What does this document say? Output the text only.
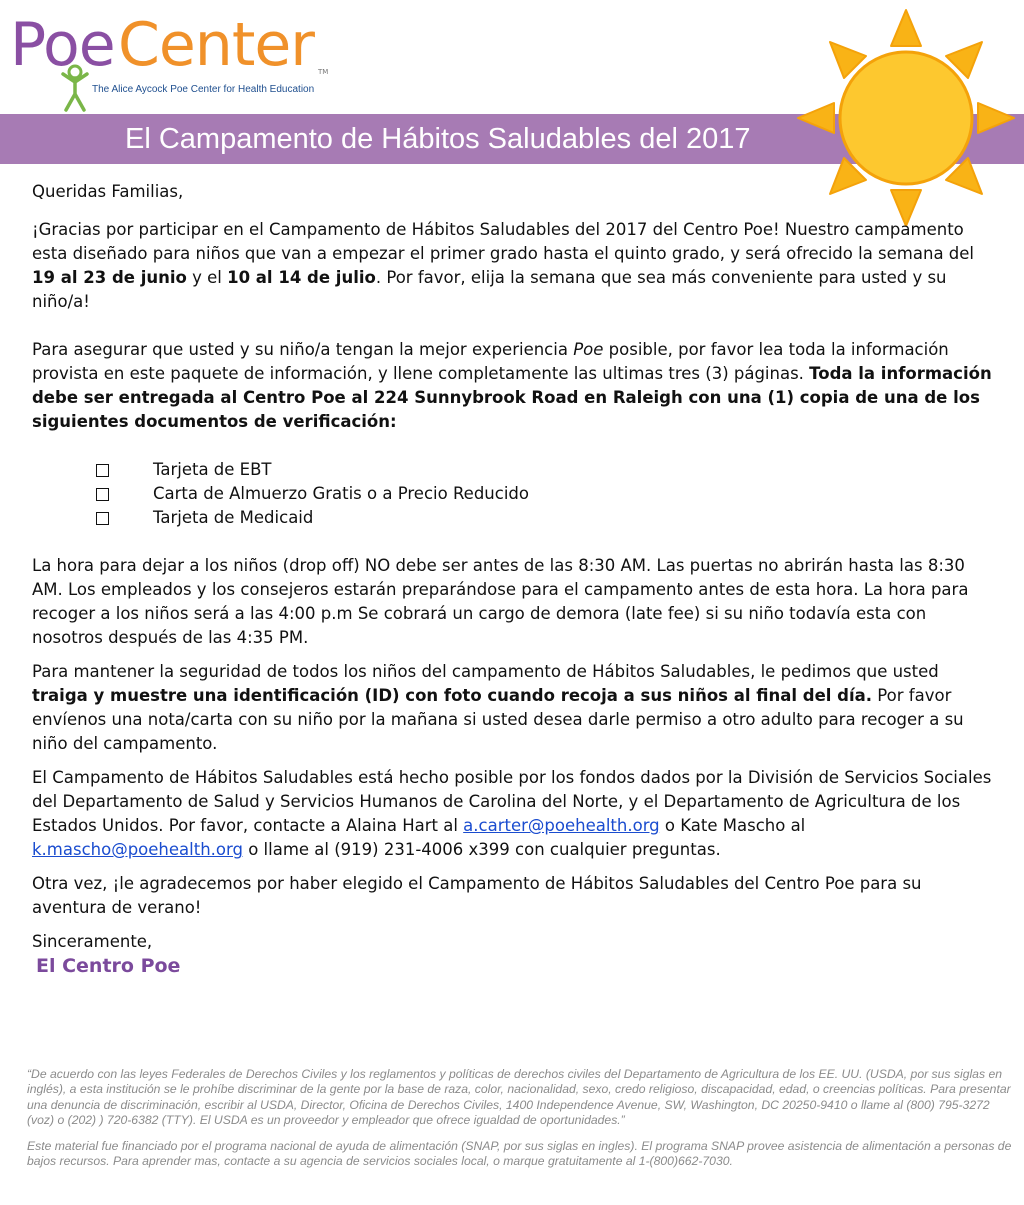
Poe Center TM
The Alice Aycock Poe Center for Health Education
El Campamento de Hábitos Saludables del 2017

Queridas Familias,

¡Gracias por participar en el Campamento de Hábitos Saludables del 2017 del Centro Poe! Nuestro campamento esta diseñado para niños que van a empezar el primer grado hasta el quinto grado, y será ofrecido la semana del 19 al 23 de junio y el 10 al 14 de julio. Por favor, elija la semana que sea más conveniente para usted y su niño/a!

Para asegurar que usted y su niño/a tengan la mejor experiencia Poe posible, por favor lea toda la información provista en este paquete de información, y llene completamente las ultimas tres (3) páginas. Toda la información debe ser entregada al Centro Poe al 224 Sunnybrook Road en Raleigh con una (1) copia de una de los siguientes documentos de verificación:

Tarjeta de EBT
Carta de Almuerzo Gratis o a Precio Reducido
Tarjeta de Medicaid

La hora para dejar a los niños (drop off) NO debe ser antes de las 8:30 AM. Las puertas no abrirán hasta las 8:30 AM. Los empleados y los consejeros estarán preparándose para el campamento antes de esta hora. La hora para recoger a los niños será a las 4:00 p.m Se cobrará un cargo de demora (late fee) si su niño todavía esta con nosotros después de las 4:35 PM.

Para mantener la seguridad de todos los niños del campamento de Hábitos Saludables, le pedimos que usted traiga y muestre una identificación (ID) con foto cuando recoja a sus niños al final del día. Por favor envíenos una nota/carta con su niño por la mañana si usted desea darle permiso a otro adulto para recoger a su niño del campamento.

El Campamento de Hábitos Saludables está hecho posible por los fondos dados por la División de Servicios Sociales del Departamento de Salud y Servicios Humanos de Carolina del Norte, y el Departamento de Agricultura de los Estados Unidos. Por favor, contacte a Alaina Hart al a.carter@poehealth.org o Kate Mascho al k.mascho@poehealth.org o llame al (919) 231-4006 x399 con cualquier preguntas.

Otra vez, ¡le agradecemos por haber elegido el Campamento de Hábitos Saludables del Centro Poe para su aventura de verano!

Sinceramente,

El Centro Poe

“De acuerdo con las leyes Federales de Derechos Civiles y los reglamentos y políticas de derechos civiles del Departamento de Agricultura de los EE. UU. (USDA, por sus siglas en inglés), a esta institución se le prohíbe discriminar de la gente por la base de raza, color, nacionalidad, sexo, credo religioso, discapacidad, edad, o creencias políticas. Para presentar una denuncia de discriminación, escribir al USDA, Director, Oficina de Derechos Civiles, 1400 Independence Avenue, SW, Washington, DC 20250-9410 o llame al (800) 795-3272 (voz) o (202) ) 720-6382 (TTY). El USDA es un proveedor y empleador que ofrece igualdad de oportunidades.”

Este material fue financiado por el programa nacional de ayuda de alimentación (SNAP, por sus siglas en ingles). El programa SNAP provee asistencia de alimentación a personas de bajos recursos. Para aprender mas, contacte a su agencia de servicios sociales local, o marque gratuitamente al 1-(800)662-7030.
